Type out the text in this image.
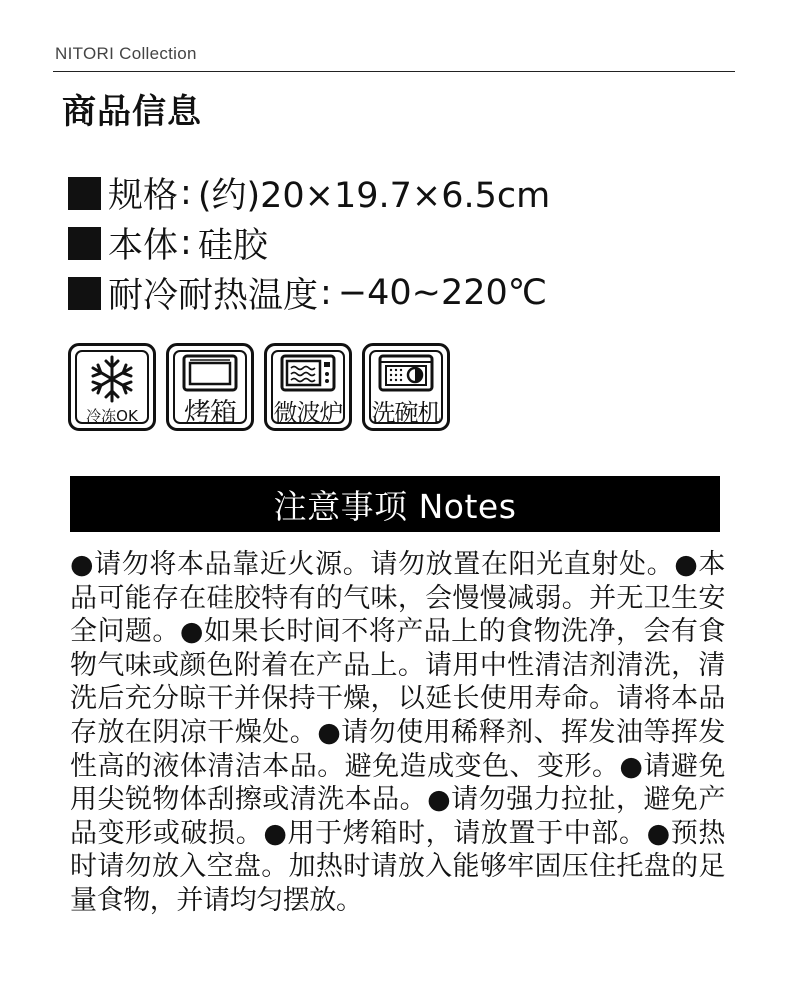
NITORI Collection
商品信息
规格 : (约)20×19.7×6.5cm
本体 : 硅胶
耐冷耐热温度 : −40~220℃
冷冻OK	烤箱	微波炉 洗碗机
注意事项 Notes
●请勿将本品靠近火源。请勿放置在阳光直射处。●本品可能存在硅胶特有的气味，会慢慢减弱。并无卫生安全问题。●如果长时间不将产品上的食物洗净，会有食物气味或颜色附着在产品上。请用中性清洁剂清洗，清洗后充分晾干并保持干燥，以延长使用寿命。请将本品存放在阴凉干燥处。●请勿使用稀释剂、挥发油等挥发性高的液体清洁本品。避免造成变色、变形。●请避免用尖锐物体刮擦或清洗本品。●请勿强力拉扯，避免产品变形或破损。●用于烤箱时，请放置于中部。●预热时请勿放入空盘。加热时请放入能够牢固压住托盘的足量食物，并请均匀摆放。
